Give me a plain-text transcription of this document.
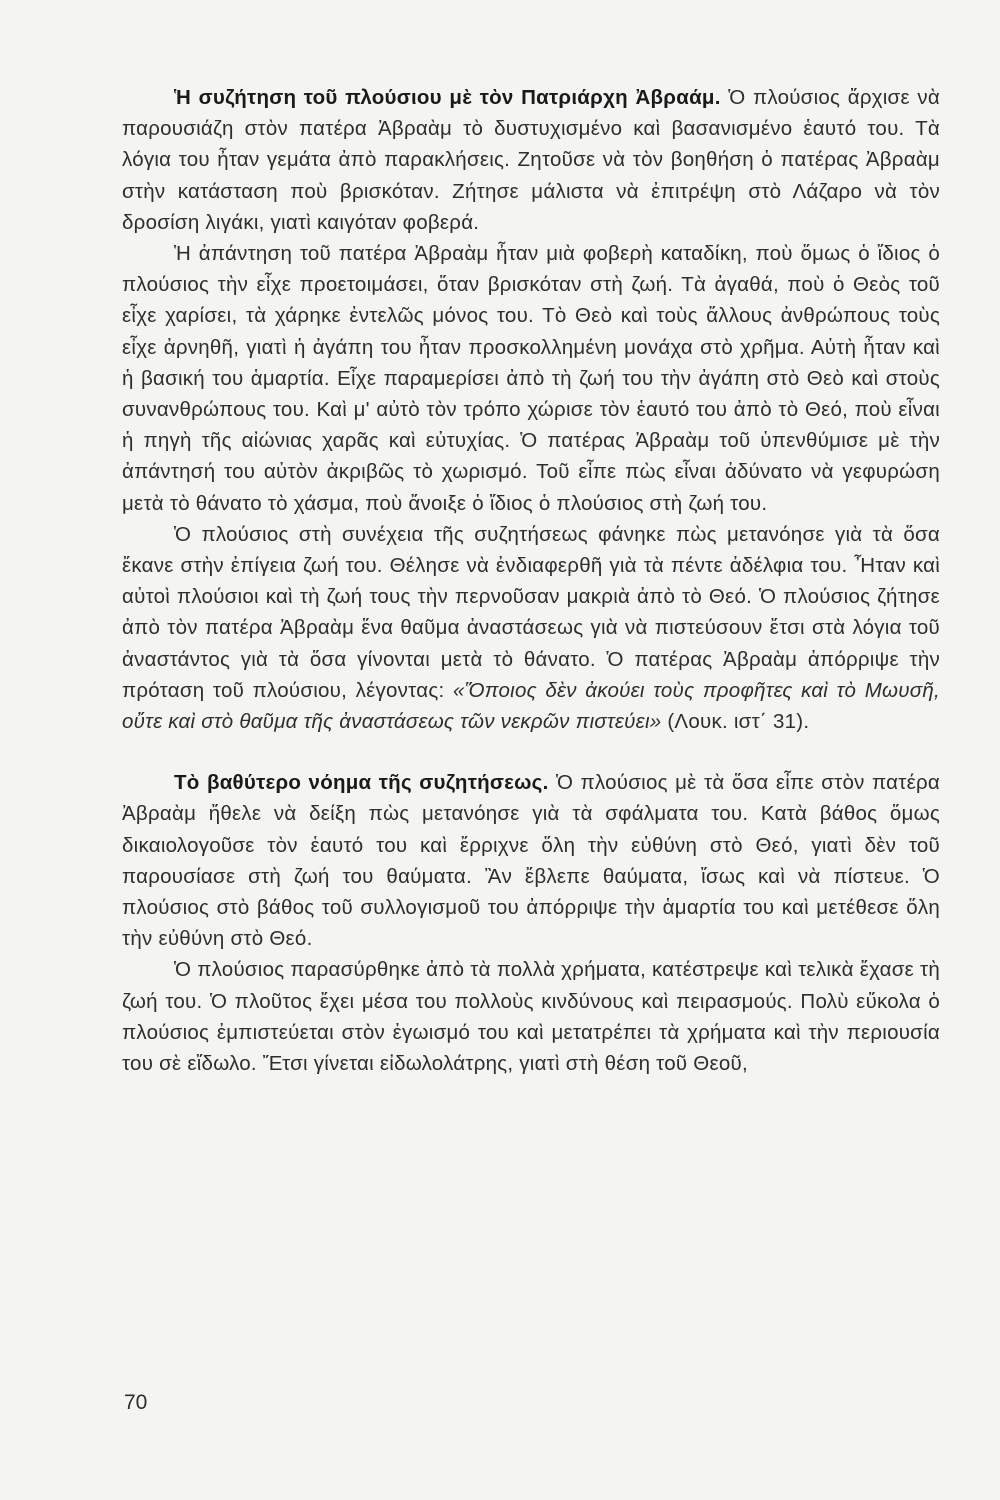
Ἡ συζήτηση τοῦ πλούσιου μὲ τὸν Πατριάρχη Ἀβραάμ. Ὁ πλούσιος ἄρχισε νὰ παρουσιάζη στὸν πατέρα Ἀβραὰμ τὸ δυστυχισμένο καὶ βασανισμένο ἑαυτό του. Τὰ λόγια του ἦταν γεμάτα ἀπὸ παρακλήσεις. Ζητοῦσε νὰ τὸν βοηθήση ὁ πατέρας Ἀβραὰμ στὴν κατάσταση ποὺ βρισκόταν. Ζήτησε μάλιστα νὰ ἐπιτρέψη στὸ Λάζαρο νὰ τὸν δροσίση λιγάκι, γιατὶ καιγόταν φοβερά.

Ἡ ἀπάντηση τοῦ πατέρα Ἀβραὰμ ἦταν μιὰ φοβερὴ καταδίκη, ποὺ ὅμως ὁ ἴδιος ὁ πλούσιος τὴν εἶχε προετοιμάσει, ὅταν βρισκόταν στὴ ζωή. Τὰ ἀγαθά, ποὺ ὁ Θεὸς τοῦ εἶχε χαρίσει, τὰ χάρηκε ἐντελῶς μόνος του. Τὸ Θεὸ καὶ τοὺς ἄλλους ἀνθρώπους τοὺς εἶχε ἀρνηθῆ, γιατὶ ἡ ἀγάπη του ἦταν προσκολλημένη μονάχα στὸ χρῆμα. Αὐτὴ ἦταν καὶ ἡ βασική του ἁμαρτία. Εἶχε παραμερίσει ἀπὸ τὴ ζωή του τὴν ἀγάπη στὸ Θεὸ καὶ στοὺς συνανθρώπους του. Καὶ μ' αὐτὸ τὸν τρόπο χώρισε τὸν ἑαυτό του ἀπὸ τὸ Θεό, ποὺ εἶναι ἡ πηγὴ τῆς αἰώνιας χαρᾶς καὶ εὐτυχίας. Ὁ πατέρας Ἀβραὰμ τοῦ ὑπενθύμισε μὲ τὴν ἀπάντησή του αὐτὸν ἀκριβῶς τὸ χωρισμό. Τοῦ εἶπε πὼς εἶναι ἀδύνατο νὰ γεφυρώση μετὰ τὸ θάνατο τὸ χάσμα, ποὺ ἄνοιξε ὁ ἴδιος ὁ πλούσιος στὴ ζωή του.

Ὁ πλούσιος στὴ συνέχεια τῆς συζητήσεως φάνηκε πὼς μετανόησε γιὰ τὰ ὅσα ἔκανε στὴν ἐπίγεια ζωή του. Θέλησε νὰ ἐνδιαφερθῆ γιὰ τὰ πέντε ἀδέλφια του. Ἦταν καὶ αὐτοὶ πλούσιοι καὶ τὴ ζωή τους τὴν περνοῦσαν μακριὰ ἀπὸ τὸ Θεό. Ὁ πλούσιος ζήτησε ἀπὸ τὸν πατέρα Ἀβραὰμ ἕνα θαῦμα ἀναστάσεως γιὰ νὰ πιστεύσουν ἔτσι στὰ λόγια τοῦ ἀναστάντος γιὰ τὰ ὅσα γίνονται μετὰ τὸ θάνατο. Ὁ πατέρας Ἀβραὰμ ἀπόρριψε τὴν πρόταση τοῦ πλούσιου, λέγοντας: «Ὅποιος δὲν ἀκούει τοὺς προφῆτες καὶ τὸ Μωυσῆ, οὔτε καὶ στὸ θαῦμα τῆς ἀναστάσεως τῶν νεκρῶν πιστεύει» (Λουκ. ιστ΄ 31).

Τὸ βαθύτερο νόημα τῆς συζητήσεως. Ὁ πλούσιος μὲ τὰ ὅσα εἶπε στὸν πατέρα Ἀβραὰμ ἤθελε νὰ δείξη πὼς μετανόησε γιὰ τὰ σφάλματα του. Κατὰ βάθος ὅμως δικαιολογοῦσε τὸν ἑαυτό του καὶ ἔρριχνε ὅλη τὴν εὐθύνη στὸ Θεό, γιατὶ δὲν τοῦ παρουσίασε στὴ ζωή του θαύματα. Ἂν ἔβλεπε θαύματα, ἴσως καὶ νὰ πίστευε. Ὁ πλούσιος στὸ βάθος τοῦ συλλογισμοῦ του ἀπόρριψε τὴν ἁμαρτία του καὶ μετέθεσε ὅλη τὴν εὐθύνη στὸ Θεό.

Ὁ πλούσιος παρασύρθηκε ἀπὸ τὰ πολλὰ χρήματα, κατέστρεψε καὶ τελικὰ ἔχασε τὴ ζωή του. Ὁ πλοῦτος ἔχει μέσα του πολλοὺς κινδύνους καὶ πειρασμούς. Πολὺ εὔκολα ὁ πλούσιος ἐμπιστεύεται στὸν ἐγωισμό του καὶ μετατρέπει τὰ χρήματα καὶ τὴν περιουσία του σὲ εἴδωλο. Ἔτσι γίνεται εἰδωλολάτρης, γιατὶ στὴ θέση τοῦ Θεοῦ,

70
